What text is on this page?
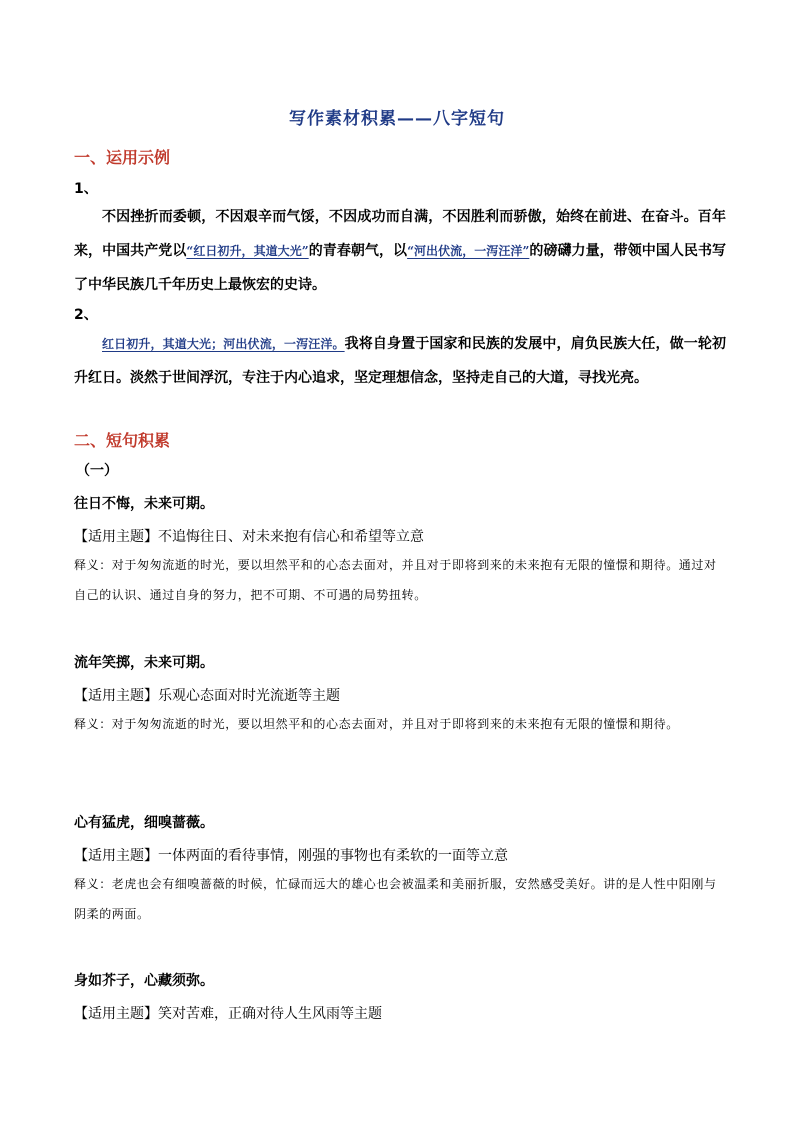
写作素材积累——八字短句
一、运用示例
1、
不因挫折而委顿，不因艰辛而气馁，不因成功而自满，不因胜利而骄傲，始终在前进、在奋斗。百年来，中国共产党以“红日初升，其道大光”的青春朝气，以“河出伏流，一泻汪洋”的磅礴力量，带领中国人民书写了中华民族几千年历史上最恢宏的史诗。
2、
红日初升，其道大光；河出伏流，一泻汪洋。我将自身置于国家和民族的发展中，肩负民族大任，做一轮初升红日。淡然于世间浮沉，专注于内心追求，坚定理想信念，坚持走自己的大道，寻找光亮。
二、短句积累
（一）
往日不悔，未来可期。
【适用主题】不追悔往日、对未来抱有信心和希望等立意
释义：对于匆匆流逝的时光，要以坦然平和的心态去面对，并且对于即将到来的未来抱有无限的憧憬和期待。通过对自己的认识、通过自身的努力，把不可期、不可遇的局势扭转。
流年笑掷，未来可期。
【适用主题】乐观心态面对时光流逝等主题
释义：对于匆匆流逝的时光，要以坦然平和的心态去面对，并且对于即将到来的未来抱有无限的憧憬和期待。
心有猛虎，细嗅蔷薇。
【适用主题】一体两面的看待事情，刚强的事物也有柔软的一面等立意
释义：老虎也会有细嗅蔷薇的时候，忙碌而远大的雄心也会被温柔和美丽折服，安然感受美好。讲的是人性中阳刚与阴柔的两面。
身如芥子，心藏须弥。
【适用主题】笑对苦难，正确对待人生风雨等主题
